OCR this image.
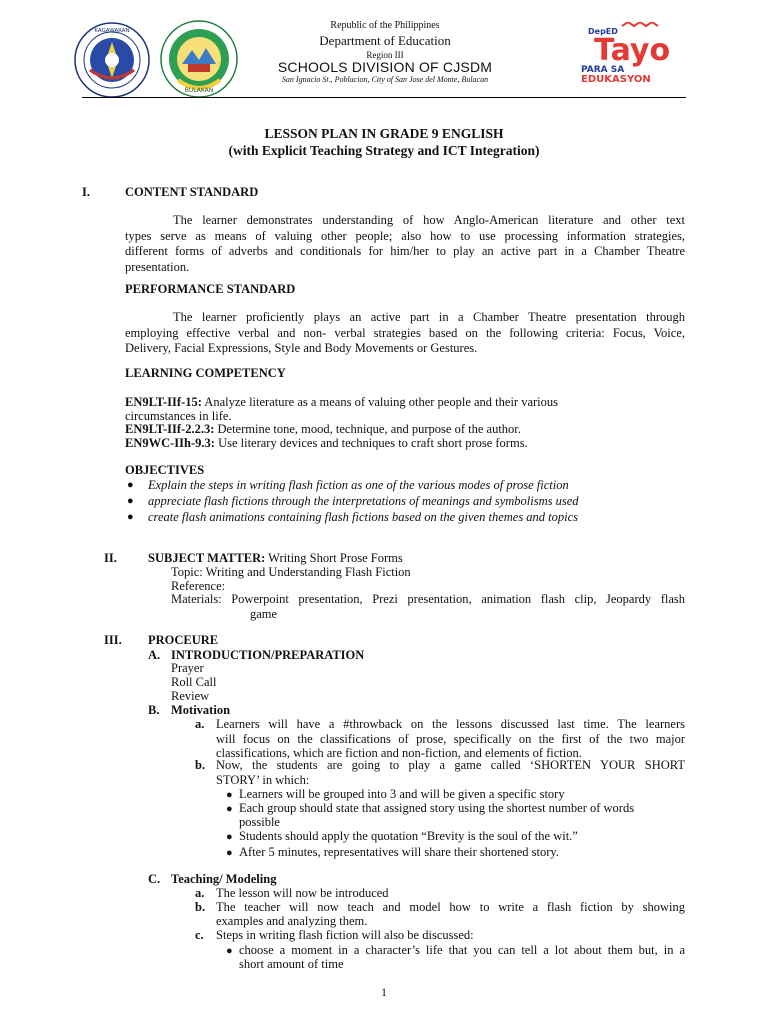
KAGAWARAN
BULAKAN
Republic of the Philippines
Department of Education
Region III
SCHOOLS DIVISION OF CJSDM
San Ignacio St., Poblacion, City of San Jose del Monte, Bulacan
DepED
Tayo
PARA SA
EDUKASYON
LESSON PLAN IN GRADE 9 ENGLISH
(with Explicit Teaching Strategy and ICT Integration)
I.	CONTENT STANDARD
The learner demonstrates understanding of how Anglo-American literature and other text
types serve as means of valuing other people; also how to use processing information strategies,
different forms of adverbs and conditionals for him/her to play an active part in a Chamber Theatre
presentation.
PERFORMANCE STANDARD
The learner proficiently plays an active part in a Chamber Theatre presentation through
employing effective verbal and non- verbal strategies based on the following criteria: Focus, Voice,
Delivery, Facial Expressions, Style and Body Movements or Gestures.
LEARNING COMPETENCY
EN9LT-IIf-15: Analyze literature as a means of valuing other people and their various
circumstances in life.
EN9LT-IIf-2.2.3: Determine tone, mood, technique, and purpose of the author.
EN9WC-IIh-9.3: Use literary devices and techniques to craft short prose forms.
OBJECTIVES
● Explain the steps in writing flash fiction as one of the various modes of prose fiction
● appreciate flash fictions through the interpretations of meanings and symbolisms used
● create flash animations containing flash fictions based on the given themes and topics
II. SUBJECT MATTER: Writing Short Prose Forms
Topic: Writing and Understanding Flash Fiction
Reference:
Materials: Powerpoint presentation, Prezi presentation, animation flash clip, Jeopardy flash
game
III. PROCEURE
A. INTRODUCTION/PREPARATION
Prayer
Roll Call
Review
B. Motivation
a. Learners will have a #throwback on the lessons discussed last time. The learners
will focus on the classifications of prose, specifically on the first of the two major
classifications, which are fiction and non-fiction, and elements of fiction.
b. Now, the students are going to play a game called ‘SHORTEN YOUR SHORT
STORY’ in which:
● Learners will be grouped into 3 and will be given a specific story
● Each group should state that assigned story using the shortest number of words
possible
● Students should apply the quotation “Brevity is the soul of the wit.”
● After 5 minutes, representatives will share their shortened story.
C. Teaching/ Modeling
a. The lesson will now be introduced
b. The teacher will now teach and model how to write a flash fiction by showing
examples and analyzing them.
c. Steps in writing flash fiction will also be discussed:
● choose a moment in a character’s life that you can tell a lot about them but, in a
short amount of time
1
